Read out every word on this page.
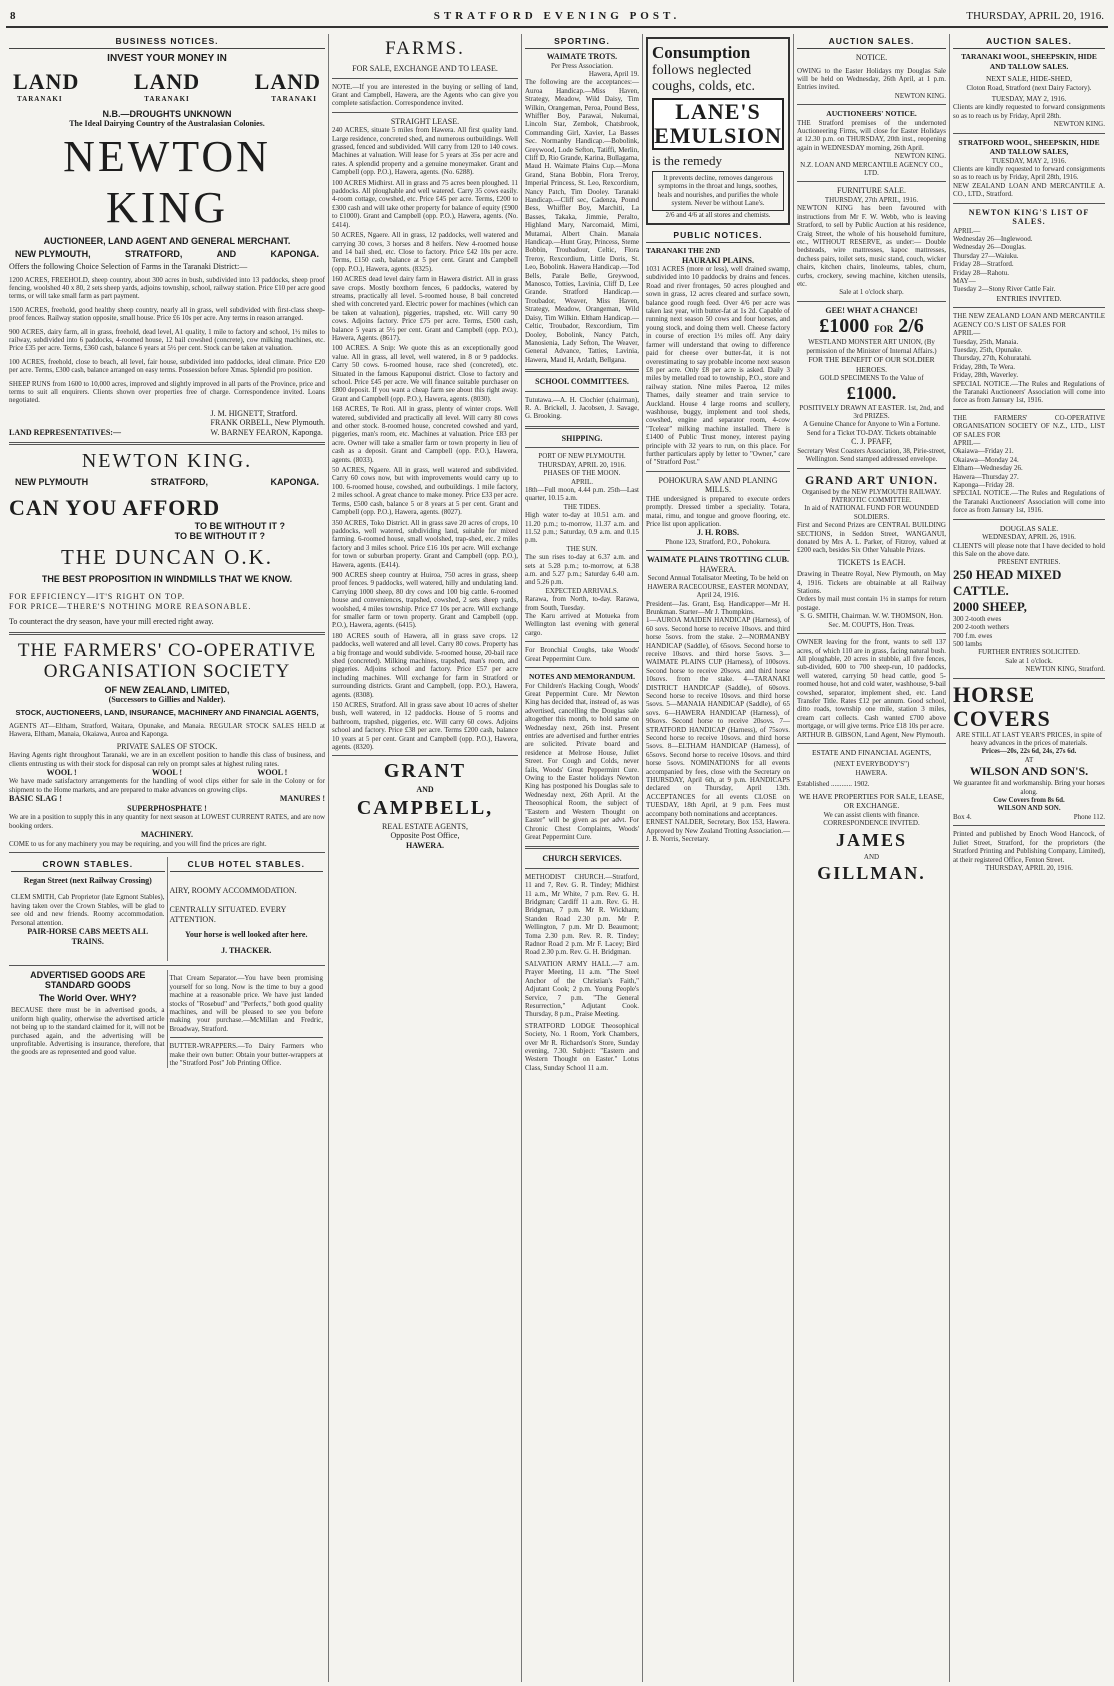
8	STRATFORD EVENING POST.	THURSDAY, APRIL 20, 1916.
BUSINESS NOTICES.
INVEST YOUR MONEY IN
LAND LAND LAND
TARANAKI	TARANAKI	TARANAKI
N.B.—DROUGHTS UNKNOWN
The Ideal Dairying Country of the Australasian Colonies.
NEWTON KING
AUCTIONEER, LAND AGENT AND GENERAL MERCHANT.
NEW PLYMOUTH,	STRATFORD,	AND	KAPONGA.
Offers the following Choice Selection of Farms in the Taranaki District:—
1200 ACRES, FREEHOLD, sheep country, about 300 acres in bush, subdivided into 13 paddocks, sheep proof fencing, woolshed 40 x 80, 2 sets sheep yards, adjoins township, school, railway station. Price £10 per acre good terms, or will take small farm as part payment.
1500 ACRES, freehold, good healthy sheep country, nearly all in grass, well subdivided with first-class sheep-proof fences. Railway station opposite, small house. Price £6 10s per acre. Any terms in reason arranged.
900 ACRES, dairy farm, all in grass, freehold, dead level, A1 quality, 1 mile to factory and school, 1½ miles to railway, subdivided into 6 paddocks, 4-roomed house, 12 bail cowshed (concrete), cow milking machines, etc. Price £35 per acre. Terms, £360 cash, balance 6 years at 5½ per cent. Stock can be taken at valuation.
100 ACRES, freehold, close to beach, all level, fair house, subdivided into paddocks, ideal climate. Price £20 per acre. Terms, £300 cash, balance arranged on easy terms. Possession before Xmas. Splendid pro position.
SHEEP RUNS from 1600 to 10,000 acres, improved and slightly improved in all parts of the Province, price and terms to suit all enquirers. Clients shown over properties free of charge. Correspondence invited. Loans negotiated.
LAND REPRESENTATIVES:—
J. M. HIGNETT, Stratford.
FRANK ORBELL, New Plymouth.
W. BARNEY FEARON, Kaponga.
NEWTON KING.
NEW PLYMOUTH	STRATFORD,	KAPONGA.
CAN YOU AFFORD
TO BE WITHOUT IT ?
TO BE WITHOUT IT ?
THE DUNCAN O.K.
THE BEST PROPOSITION IN WINDMILLS THAT WE KNOW.
FOR EFFICIENCY—IT'S RIGHT ON TOP.
FOR PRICE—THERE'S NOTHING MORE REASONABLE.
To counteract the dry season, have your mill erected right away.
THE FARMERS' CO-OPERATIVE ORGANISATION SOCIETY
OF NEW ZEALAND, LIMITED,
(Successors to Gillies and Nalder).
STOCK, AUCTIONEERS, LAND, INSURANCE, MACHINERY AND FINANCIAL AGENTS,
AGENTS AT—Eltham, Stratford, Waitara, Opunake, and Manaia. REGULAR STOCK SALES HELD at Hawera, Eltham, Manaia, Okaiawa, Auroa and Kaponga.
PRIVATE SALES OF STOCK.
Having Agents right throughout Taranaki, we are in an excellent position to handle this class of business, and clients entrusting us with their stock for disposal can rely on prompt sales at highest ruling rates.
WOOL !	WOOL !	WOOL !
We have made satisfactory arrangements for the handling of wool clips either for sale in the Colony or for shipment to the Home markets, and are prepared to make advances on growing clips.
BASIC SLAG !	MANURES !
SUPERPHOSPHATE !
We are in a position to supply this in any quantity for next season at LOWEST CURRENT RATES, and are now booking orders.
MACHINERY.
COME to us for any machinery you may be requiring, and you will find the prices are right.
CROWN STABLES.
Regan Street (next Railway Crossing)
CLEM SMITH, Cab Proprietor (late Egmont Stables), having taken over the Crown Stables, will be glad to see old and new friends. Roomy accommodation. Personal attention.
PAIR-HORSE CABS MEETS ALL TRAINS.
CLUB HOTEL STABLES.
AIRY, ROOMY ACCOMMODATION.
CENTRALLY SITUATED. EVERY ATTENTION.
Your horse is well looked after here.
J. THACKER.
ADVERTISED GOODS ARE STANDARD GOODS
The World Over. WHY?
BECAUSE there must be in advertised goods, a uniform high quality, otherwise the advertised article not being up to the standard claimed for it, will not be purchased again, and the advertising will be unprofitable. Advertising is insurance, therefore, that the goods are as represented and good value.
That Cream Separator.—You have been promising yourself for so long. Now is the time to buy a good machine at a reasonable price. We have just landed stocks of "Rosebud" and "Perfects," both good quality machines, and will be pleased to see you before making your purchase.—McMillan and Fredric, Broadway, Stratford.
BUTTER-WRAPPERS.—To Dairy Farmers who make their own butter: Obtain your butter-wrappers at the "Stratford Post" Job Printing Office.
FARMS.
FOR SALE, EXCHANGE AND TO LEASE.
NOTE.—If you are interested in the buying or selling of land, Grant and Campbell, Hawera, are the Agents who can give you complete satisfaction. Correspondence invited.
STRAIGHT LEASE.
240 ACRES, situate 5 miles from Hawera. All first quality land. Large residence, concreted shed, and numerous outbuildings. Well grassed, fenced and subdivided. Will carry from 120 to 140 cows. Machines at valuation. Will lease for 5 years at 35s per acre and rates. A splendid property and a genuine moneymaker. Grant and Campbell (opp. P.O.), Hawera, agents. (No. 6288).
100 ACRES Midhirst. All in grass and 75 acres been ploughed. 11 paddocks. All ploughable and well watered. Carry 35 cows easily. 4-room cottage, cowshed, etc. Price £45 per acre. Terms, £200 to £300 cash and will take other property for balance of equity (£900 to £1000). Grant and Campbell (opp. P.O.), Hawera, agents. (No. £414).
50 ACRES, Ngaere. All in grass, 12 paddocks, well watered and carrying 30 cows, 3 horses and 8 heifers. New 4-roomed house and 14 bail shed, etc. Close to factory. Price £42 10s per acre. Terms, £150 cash, balance at 5 per cent. Grant and Campbell (opp. P.O.), Hawera, agents. (8325).
160 ACRES dead level dairy farm in Hawera district. All in grass save crops. Mostly boxthorn fences, 6 paddocks, watered by streams, practically all level. 5-roomed house, 8 bail concreted shed with concreted yard. Electric power for machines (which can be taken at valuation), piggeries, trapshed, etc. Will carry 90 cows. Adjoins factory. Price £75 per acre. Terms, £500 cash, balance 5 years at 5½ per cent. Grant and Campbell (opp. P.O.), Hawera, Agents. (8617).
100 ACRES. A Snip: We quote this as an exceptionally good value. All in grass, all level, well watered, in 8 or 9 paddocks. Carry 50 cows. 6-roomed house, race shed (concreted), etc. Situated in the famous Kapuponui district. Close to factory and school. Price £45 per acre. We will finance suitable purchaser on £800 deposit. If you want a cheap farm see about this right away. Grant and Campbell (opp. P.O.), Hawera, agents. (8030).
168 ACRES, Te Roti. All in grass, plenty of winter crops. Well watered, subdivided and practically all level. Will carry 80 cows and other stock. 8-roomed house, concreted cowshed and yard, piggeries, man's room, etc. Machines at valuation. Price £83 per acre. Owner will take a smaller farm or town property in lieu of cash as a deposit. Grant and Campbell (opp. P.O.), Hawera, agents. (8033).
50 ACRES, Ngaere. All in grass, well watered and subdivided. Carry 60 cows now, but with improvements would carry up to 100. 6-roomed house, cowshed, and outbuildings. 1 mile factory, 2 miles school. A great chance to make money. Price £33 per acre. Terms, £500 cash, balance 5 or 8 years at 5 per cent. Grant and Campbell (opp. P.O.), Hawera, agents. (8027).
350 ACRES, Toko District. All in grass save 20 acres of crops, 10 paddocks, well watered, subdividing land, suitable for mixed farming. 6-roomed house, small woolshed, trap-shed, etc. 2 miles factory and 3 miles school. Price £16 10s per acre. Will exchange for town or suburban property. Grant and Campbell (opp. P.O.), Hawera, agents. (E414).
900 ACRES sheep country at Huiroa, 750 acres in grass, sheep proof fences. 9 paddocks, well watered, hilly and undulating land. Carrying 1000 sheep, 80 dry cows and 100 big cattle. 6-roomed house and conveniences, trapshed, cowshed, 2 sets sheep yards, woolshed, 4 miles township. Price £7 10s per acre. Will exchange for smaller farm or town property. Grant and Campbell (opp. P.O.), Hawera, agents. (6415).
180 ACRES south of Hawera, all in grass save crops. 12 paddocks, well watered and all level. Carry 80 cows. Property has a big frontage and would subdivide. 5-roomed house, 20-bail race shed (concreted). Milking machines, trapshed, man's room, and piggeries. Adjoins school and factory. Price £57 per acre including machines. Will exchange for farm in Stratford or surrounding districts. Grant and Campbell, (opp. P.O.), Hawera, agents. (8308).
150 ACRES, Stratford. All in grass save about 10 acres of shelter bush, well watered, in 12 paddocks. House of 5 rooms and bathroom, trapshed, piggeries, etc. Will carry 60 cows. Adjoins school and factory. Price £38 per acre. Terms £200 cash, balance 10 years at 5 per cent. Grant and Campbell (opp. P.O.), Hawera, agents. (8320).
GRANT
AND
CAMPBELL,
REAL ESTATE AGENTS,
Opposite Post Office,
HAWERA.
SPORTING.
WAIMATE TROTS.
Per Press Association.
Hawera, April 19.
The following are the acceptances:—Auroa Handicap.—Miss Haven, Strategy, Meadow, Wild Daisy, Tim Wilkin, Orangeman, Peroa, Pound Bess, Whiffler Boy, Parawai, Nukumai, Lincoln Star, Zembok, Chatsbrook, Commanding Girl, Xavier, La Basses Sec. Normanby Handicap.—Bobolink, Greywood, Lode Sefton, Tatiffi, Merlin, Cliff D, Rio Grande, Karina, Bullagama, Maud H. Waimate Plains Cup.—Mona Grand, Stana Bobbin, Flora Treroy, Imperial Princess, St. Leo, Rexcordium, Nancy Patch, Tim Dooley. Taranaki Handicap.—Cliff sec, Cadenza, Pound Bess, Whiffler Boy, Marchiti, La Basses, Takaka, Jimmie, Peralto, Highland Mary, Narcomaid, Mimi, Mutamai, Albert Chain. Manaia Handicap.—Hunt Gray, Princess, Steme Bobbin, Troubadour, Celtic, Flora Treroy, Rexcordium, Little Doris, St. Leo, Bobolink. Hawera Handicap.—Tod Bells, Parale Belle, Greywood, Manosco, Totties, Lavinia, Cliff D, Lee Grande. Stratford Handicap.—Troubador, Weaver, Miss Haven, Strategy, Meadow, Orangeman, Wild Daisy, Tim Wilkin. Eltham Handicap.—Celtic, Troubador, Rexcordium, Tim Dooley, Bobolink, Nancy Patch, Manosienia, Lady Sefton, The Weaver, General Advance, Tatties, Lavinia, Hawera, Maud H, Ardath, Bellgana.
SCHOOL COMMITTEES.
Tututawa.—A. H. Clochier (chairman), R. A. Brickell, J. Jacobsen, J. Savage, G. Brooking.
SHIPPING.
PORT OF NEW PLYMOUTH.
THURSDAY, APRIL 20, 1916.
PHASES OF THE MOON.
APRIL.
18th—Full moon, 4.44 p.m. 25th—Last quarter, 10.15 a.m.
THE TIDES.
High water to-day at 10.51 a.m. and 11.20 p.m.; to-morrow, 11.37 a.m. and 11.52 p.m.; Saturday, 0.9 a.m. and 0.15 p.m.
THE SUN.
The sun rises to-day at 6.37 a.m. and sets at 5.28 p.m.; to-morrow, at 6.38 a.m. and 5.27 p.m.; Saturday 6.40 a.m. and 5.26 p.m.
EXPECTED ARRIVALS.
Rarawa, from North, to-day. Rarawa, from South, Tuesday.
The Karu arrived at Motueka from Wellington last evening with general cargo.
For Bronchial Coughs, take Woods' Great Peppermint Cure.
NOTES AND MEMORANDUM.
For Children's Hacking Cough, Woods' Great Peppermint Cure. Mr Newton King has decided that, instead of, as was advertised, cancelling the Douglas sale altogether this month, to hold same on Wednesday next, 26th inst. Present entries are advertised and further entries are solicited. Private board and residence at Melrose House, Juliet Street. For Cough and Colds, never fails, Woods' Great Peppermint Cure. Owing to the Easter holidays Newton King has postponed his Douglas sale to Wednesday next, 26th April. At the Theosophical Room, the subject of "Eastern and Western Thought on Easter" will be given as per advt. For Chronic Chest Complaints, Woods' Great Peppermint Cure.
CHURCH SERVICES.
METHODIST CHURCH.—Stratford, 11 and 7, Rev. G. R. Tindey; Midhirst 11 a.m., Mr White, 7 p.m. Rev. G. H. Bridgman; Cardiff 11 a.m. Rev. G. H. Bridgman, 7 p.m. Mr R. Wickham; Standen Road 2.30 p.m. Mr P. Wellington, 7 p.m. Mr D. Beaumont; Toma 2.30 p.m. Rev. R. R. Tindey; Radnor Road 2 p.m. Mr F. Lacey; Bird Road 2.30 p.m. Rev. G. H. Bridgman.
SALVATION ARMY HALL.—7 a.m. Prayer Meeting, 11 a.m. "The Steel Anchor of the Christian's Faith," Adjutant Cook; 2 p.m. Young People's Service, 7 p.m. "The General Resurrection," Adjutant Cook. Thursday, 8 p.m., Praise Meeting.
STRATFORD LODGE Theosophical Society, No. 1 Room, York Chambers, over Mr R. Richardson's Store, Sunday evening, 7.30. Subject: "Eastern and Western Thought on Easter." Lotus Class, Sunday School 11 a.m.
Consumption
follows neglected
coughs, colds, etc.
LANE'S EMULSION
is the remedy
It prevents decline, removes dangerous symptoms in the throat and lungs, soothes, heals and nourishes, and purifies the whole system. Never be without Lane's.
2/6 and 4/6 at all stores and chemists.
PUBLIC NOTICES.
TARANAKI THE 2ND
HAURAKI PLAINS.
1031 ACRES (more or less), well drained swamp, subdivided into 10 paddocks by drains and fences. Road and river frontages, 50 acres ploughed and sown in grass, 12 acres cleared and surface sown, balance good rough feed. Over 4/6 per acre was taken last year, with butter-fat at 1s 2d. Capable of running next season 50 cows and four horses, and young stock, and doing them well. Cheese factory in course of erection 1½ miles off. Any dairy farmer will understand that owing to difference paid for cheese over butter-fat, it is not overestimating to say probable income next season £8 per acre. Only £8 per acre is asked. Daily 3 miles by metalled road to township, P.O., store and railway station. Nine miles Paeroa, 12 miles Thames, daily steamer and train service to Auckland. House 4 large rooms and scullery, washhouse, buggy, implement and tool sheds, cowshed, engine and separator room, 4-cow "Tcelear" milking machine installed. There is £1400 of Public Trust money, interest paying principle with 32 years to run, on this place. For further particulars apply by letter to "Owner," care of "Stratford Post."
POHOKURA SAW AND PLANING MILLS.
THE undersigned is prepared to execute orders promptly. Dressed timber a speciality. Totara, matai, rimu, and tongue and groove flooring, etc. Price list upon application.
J. H. ROBS.
Phone 123, Stratford, P.O., Pohokura.
WAIMATE PLAINS TROTTING CLUB.
HAWERA.
Second Annual Totalisator Meeting, To be held on HAWERA RACECOURSE, EASTER MONDAY, April 24, 1916.
President—Jas. Grant, Esq. Handicapper—Mr H. Brunkman. Starter—Mr J. Thompkins.
1—AUROA MAIDEN HANDICAP (Harness), of 60 sovs. Second horse to receive 10sovs. and third horse 5sovs. from the stake. 2—NORMANBY HANDICAP (Saddle), of 65sovs. Second horse to receive 10sovs. and third horse 5sovs. 3—WAIMATE PLAINS CUP (Harness), of 100sovs. Second horse to receive 20sovs. and third horse 10sovs. from the stake. 4—TARANAKI DISTRICT HANDICAP (Saddle), of 60sovs. Second horse to receive 10sovs. and third horse 5sovs. 5—MANAIA HANDICAP (Saddle), of 65 sovs. 6—HAWERA HANDICAP (Harness), of 90sovs. Second horse to receive 20sovs. 7—STRATFORD HANDICAP (Harness), of 75sovs. Second horse to receive 10sovs. and third horse 5sovs. 8—ELTHAM HANDICAP (Harness), of 65sovs. Second horse to receive 10sovs. and third horse 5sovs. NOMINATIONS for all events accompanied by fees, close with the Secretary on THURSDAY, April 6th, at 9 p.m. HANDICAPS declared on Thursday, April 13th. ACCEPTANCES for all events CLOSE on TUESDAY, 18th April, at 9 p.m. Fees must accompany both nominations and acceptances.
ERNEST NALDER, Secretary, Box 153, Hawera. Approved by New Zealand Trotting Association.—J. B. Norris, Secretary.
AUCTION SALES.
NOTICE.
OWING to the Easter Holidays my Douglas Sale will be held on Wednesday, 26th April, at 1 p.m. Entries invited.
NEWTON KING.
AUCTIONEERS' NOTICE.
THE Stratford premises of the undernoted Auctioneering Firms, will close for Easter Holidays at 12.30 p.m. on THURSDAY, 20th inst., reopening again in WEDNESDAY morning, 26th April.
NEWTON KING.
N.Z. LOAN AND MERCANTILE AGENCY CO., LTD.
FURNITURE SALE.
THURSDAY, 27th APRIL, 1916.
NEWTON KING has been favoured with instructions from Mr F. W. Webb, who is leaving Stratford, to sell by Public Auction at his residence, Craig Street, the whole of his household furniture, etc., WITHOUT RESERVE, as under:— Double bedsteads, wire mattresses, kapoc mattresses, duchess pairs, toilet sets, music stand, couch, wicker chairs, kitchen chairs, linoleums, tables, churn, curbs, crockery, sewing machine, kitchen utensils, etc.
Sale at 1 o'clock sharp.
GEE! WHAT A CHANCE!
£1000 FOR 2/6
WESTLAND MONSTER ART UNION, (By permission of the Minister of Internal Affairs.)
FOR THE BENEFIT OF OUR SOLDIER HEROES.
GOLD SPECIMENS To the Value of
£1000.
POSITIVELY DRAWN AT EASTER. 1st, 2nd, and 3rd PRIZES.
A Genuine Chance for Anyone to Win a Fortune.
Send for a Ticket TO-DAY. Tickets obtainable
C. J. PFAFF,
Secretary West Coasters Association, 38, Pirie-street, Wellington. Send stamped addressed envelope.
GRAND ART UNION.
Organised by the NEW PLYMOUTH RAILWAY. PATRIOTIC COMMITTEE.
In aid of NATIONAL FUND FOR WOUNDED SOLDIERS.
First and Second Prizes are CENTRAL BUILDING SECTIONS, in Seddon Street, WANGANUI, donated by Mrs A. L. Parker, of Fitzroy, valued at £200 each, besides Six Other Valuable Prizes.
TICKETS 1s EACH.
Drawing in Theatre Royal, New Plymouth, on May 4, 1916. Tickets are obtainable at all Railway Stations.
Orders by mail must contain 1½ in stamps for return postage.
S. G. SMITH, Chairman. W. W. THOMSON, Hon. Sec. M. COUPTS, Hon. Treas.
OWNER leaving for the front, wants to sell 137 acres, of which 110 are in grass, facing natural bush. All ploughable, 20 acres in stubble, all five fences, sub-divided, 600 to 700 sheep-run, 10 paddocks, well watered, carrying 50 head cattle, good 5-roomed house, hot and cold water, washhouse, 9-bail cowshed, separator, implement shed, etc. Land Transfer Title. Rates £12 per annum. Good school, ditto roads, township one mile, station 3 miles, cream cart collects. Cash wanted £700 above mortgage, or will give terms. Price £18 10s per acre.
ARTHUR B. GIBSON, Land Agent, New Plymouth.
ESTATE AND FINANCIAL AGENTS,
(NEXT EVERYBODY'S")
HAWERA.
Established ............ 1902.
WE HAVE PROPERTIES FOR SALE, LEASE, OR EXCHANGE.
We can assist clients with finance.
CORRESPONDENCE INVITED.
JAMES
AND
GILLMAN.
AUCTION SALES.
TARANAKI WOOL, SHEEPSKIN, HIDE AND TALLOW SALES.
NEXT SALE, HIDE-SHED,
Cloton Road, Stratford (next Dairy Factory).
TUESDAY, MAY 2, 1916.
Clients are kindly requested to forward consignments so as to reach us by Friday, April 28th.
NEWTON KING.
STRATFORD WOOL, SHEEPSKIN, HIDE AND TALLOW SALES,
TUESDAY, MAY 2, 1916.
Clients are kindly requested to forward consignments so as to reach us by Friday, April 28th, 1916.
NEW ZEALAND LOAN AND MERCANTILE A. CO., LTD., Stratford.
NEWTON KING'S LIST OF SALES.
APRIL—
Wednesday 26—Inglewood.
Wednesday 26—Douglas.
Thursday 27—Waiuku.
Friday 28—Stratford.
Friday 28—Rahotu.
MAY—
Tuesday 2—Stony River Cattle Fair.
ENTRIES INVITED.
THE NEW ZEALAND LOAN AND MERCANTILE AGENCY CO.'S LIST OF SALES FOR
APRIL—
Tuesday, 25th, Manaia.
Tuesday, 25th, Opunake.
Thursday, 27th, Kohuratahi.
Friday, 28th, Te Wera.
Friday, 28th, Waverley.
SPECIAL NOTICE.—The Rules and Regulations of the Taranaki Auctioneers' Association will come into force as from January 1st, 1916.
THE FARMERS' CO-OPERATIVE ORGANISATION SOCIETY OF N.Z., LTD., LIST OF SALES FOR
APRIL—
Okaiawa—Friday 21.
Okaiawa—Monday 24.
Eltham—Wednesday 26.
Hawera—Thursday 27.
Kaponga—Friday 28.
SPECIAL NOTICE.—The Rules and Regulations of the Taranaki Auctioneers' Association will come into force as from January 1st, 1916.
DOUGLAS SALE.
WEDNESDAY, APRIL 26, 1916.
CLIENTS will please note that I have decided to hold this Sale on the above date.
PRESENT ENTRIES.
250 HEAD MIXED CATTLE.
2000 SHEEP,
300 2-tooth ewes
200 2-tooth wethers
700 f.m. ewes
500 lambs
FURTHER ENTRIES SOLICITED.
Sale at 1 o'clock.
NEWTON KING, Stratford.
HORSE COVERS
ARE STILL AT LAST YEAR'S PRICES, in spite of heavy advances in the prices of materials.
Prices—20s, 22s 6d, 24s, 27s 6d.
AT
WILSON AND SON'S.
We guarantee fit and workmanship. Bring your horses along.
Cow Covers from 8s 6d.
WILSON AND SON.
Box 4.	Phone 112.
Printed and published by Enoch Wood Hancock, of Juliet Street, Stratford, for the proprietors (the Stratford Printing and Publishing Company, Limited), at their registered Office, Fenton Street.
THURSDAY, APRIL 20, 1916.
